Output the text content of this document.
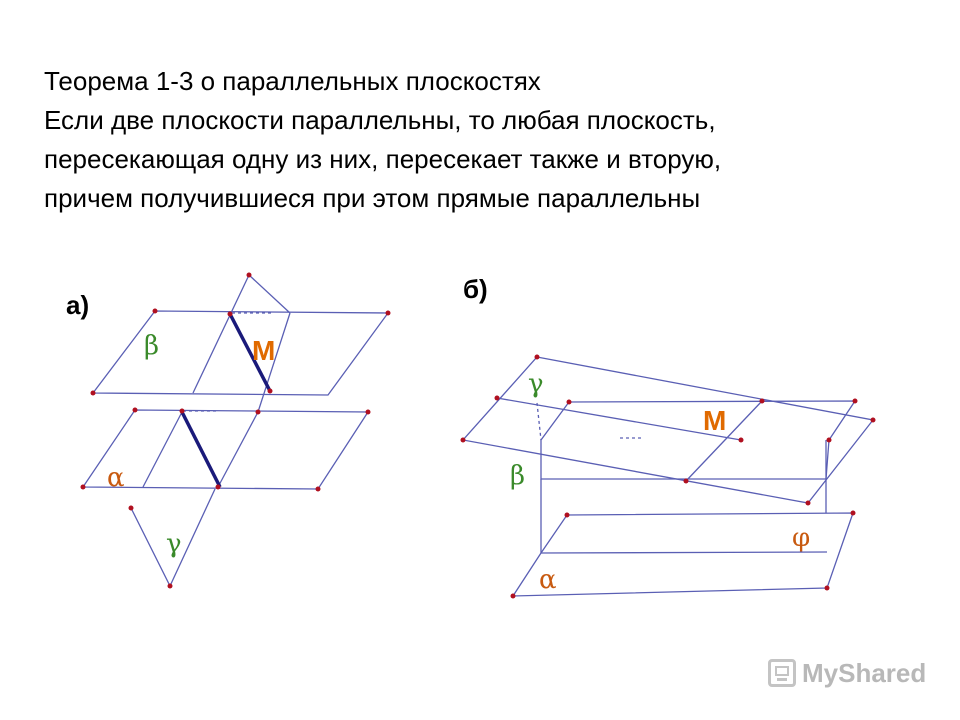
Теорема 1-3 о параллельных плоскостях
Если две плоскости параллельны, то любая плоскость,
пересекающая одну из них, пересекает также и вторую,
причем получившиеся при этом прямые параллельны
а)
б)
β
α
γ
M
γ
β
M
φ
α
MyShared
